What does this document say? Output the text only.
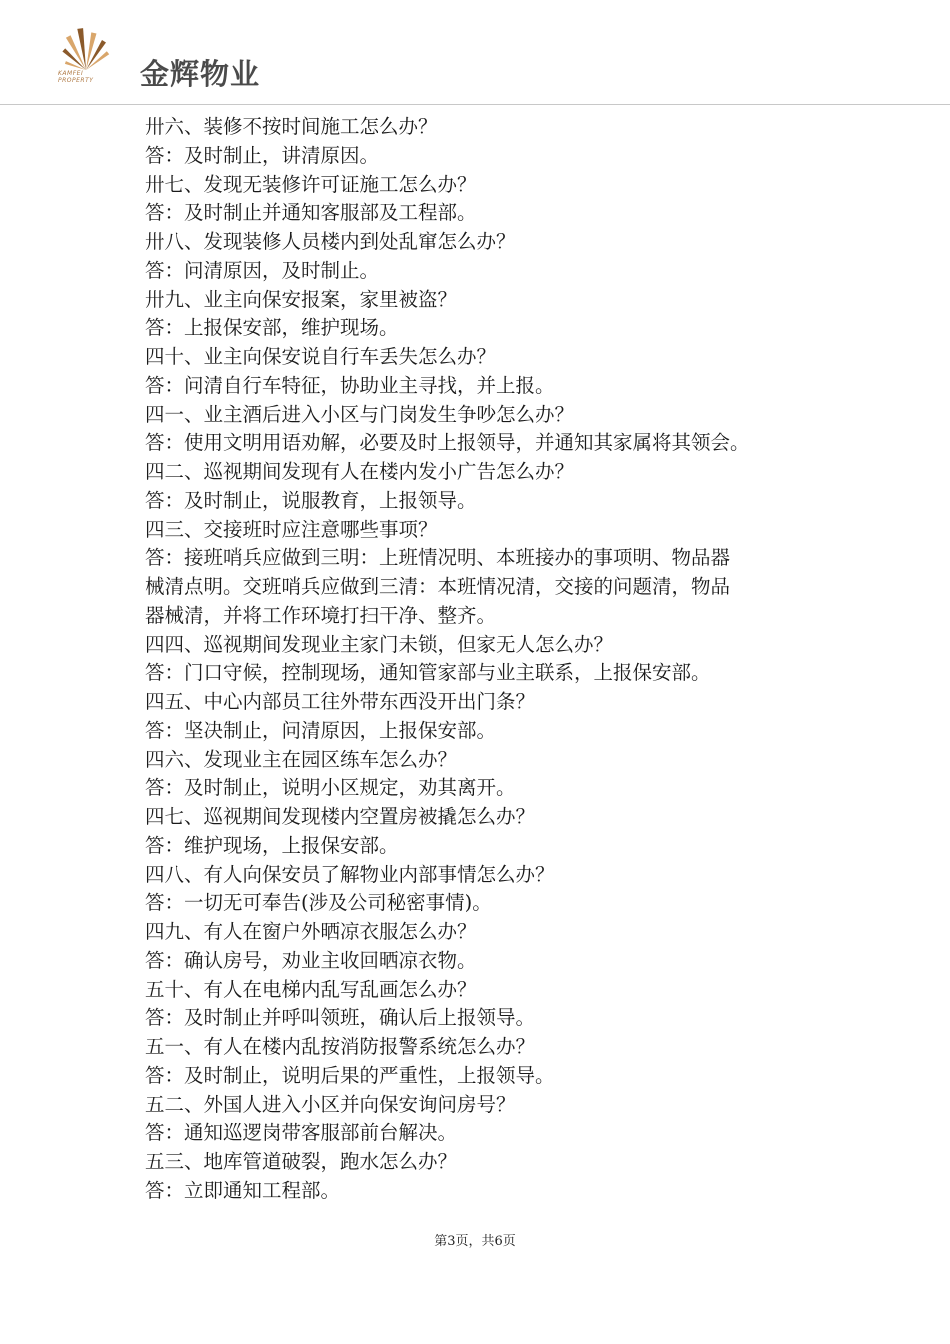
KAMFEI PROPERTY	金辉物业
卅六、装修不按时间施工怎么办？
答：及时制止，讲清原因。
卅七、发现无装修许可证施工怎么办？
答：及时制止并通知客服部及工程部。
卅八、发现装修人员楼内到处乱窜怎么办？
答：问清原因，及时制止。
卅九、业主向保安报案，家里被盗？
答：上报保安部，维护现场。
四十、业主向保安说自行车丢失怎么办？
答：问清自行车特征，协助业主寻找，并上报。
四一、业主酒后进入小区与门岗发生争吵怎么办？
答：使用文明用语劝解，必要及时上报领导，并通知其家属将其领会。
四二、巡视期间发现有人在楼内发小广告怎么办？
答：及时制止，说服教育，上报领导。
四三、交接班时应注意哪些事项？
答：接班哨兵应做到三明：上班情况明、本班接办的事项明、物品器
械清点明。交班哨兵应做到三清：本班情况清，交接的问题清，物品
器械清，并将工作环境打扫干净、整齐。
四四、巡视期间发现业主家门未锁，但家无人怎么办？
答：门口守候，控制现场，通知管家部与业主联系，上报保安部。
四五、中心内部员工往外带东西没开出门条？
答：坚决制止，问清原因，上报保安部。
四六、发现业主在园区练车怎么办？
答：及时制止，说明小区规定，劝其离开。
四七、巡视期间发现楼内空置房被撬怎么办？
答：维护现场，上报保安部。
四八、有人向保安员了解物业内部事情怎么办？
答：一切无可奉告(涉及公司秘密事情)。
四九、有人在窗户外晒凉衣服怎么办？
答：确认房号，劝业主收回晒凉衣物。
五十、有人在电梯内乱写乱画怎么办？
答：及时制止并呼叫领班，确认后上报领导。
五一、有人在楼内乱按消防报警系统怎么办？
答：及时制止，说明后果的严重性，上报领导。
五二、外国人进入小区并向保安询问房号？
答：通知巡逻岗带客服部前台解决。
五三、地库管道破裂，跑水怎么办？
答：立即通知工程部。
第3页，共6页
